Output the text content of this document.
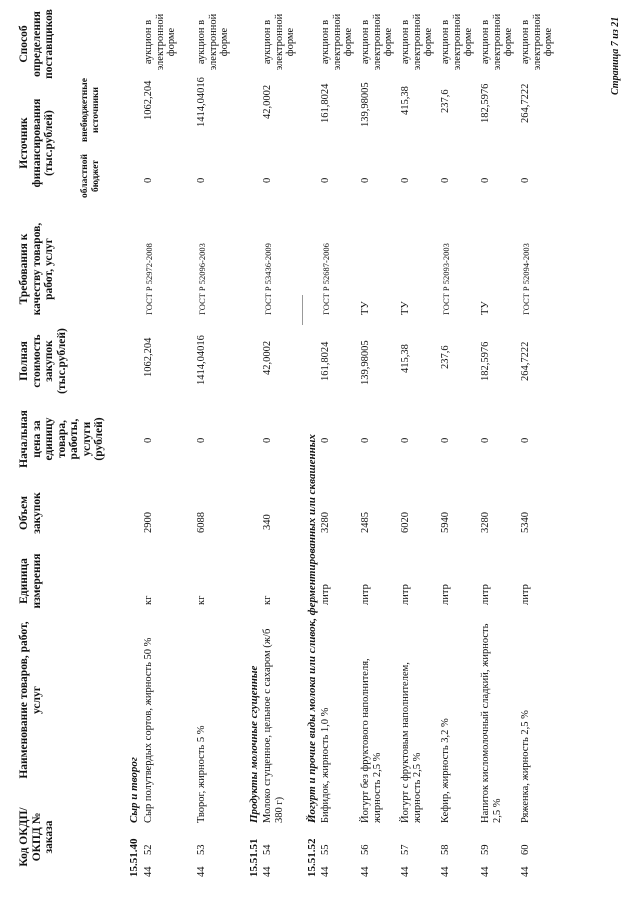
Код ОКДП/ ОКПД № заказа
Наименование товаров, работ, услуг
Единица измерения
Объем закупок
Начальная цена за единицу товара, работы, услуги (рублей)
Полная стоимость закупок (тыс.рублей)
Требования к качеству товаров, работ, услуг
Источник финансирования (тыс.рублей)
областной бюджет
внебюджетные источники
Способ определения поставщиков
15.51.40
Сыр и творог
44
52
Сыр полутвердых сортов, жирность 50 %
кг
2900
0
1062,204
ГОСТ Р 52972-2008
0
1062,204
аукцион в электронной форме
44
53
Творог, жирность 5 %
кг
6088
0
1414,04016
ГОСТ Р 52096-2003
0
1414,04016
аукцион в электронной форме
15.51.51
Продукты молочные сгущенные
44
54
Молоко сгущенное, цельное с сахаром (ж/б 380 г)
кг
340
0
42,0002
ГОСТ Р 53436-2009
0
42,0002
аукцион в электронной форме
15.51.52
Йогурт и прочие виды молока или сливок, ферментированных или сквашенных
44
55
Бифидок, жирность 1,0 %
литр
3280
0
161,8024
ГОСТ Р 52687-2006
0
161,8024
аукцион в электронной форме
44
56
Йогурт без фруктового наполнителя, жирность 2,5 %
литр
2485
0
139,98005
ТУ
0
139,98005
аукцион в электронной форме
44
57
Йогурт с фруктовым наполнителем, жирность 2,5 %
литр
6020
0
415,38
ТУ
0
415,38
аукцион в электронной форме
44
58
Кефир, жирность 3,2 %
литр
5940
0
237,6
ГОСТ Р 52093-2003
0
237,6
аукцион в электронной форме
44
59
Напиток кисломолочный сладкий, жирность 2,5 %
литр
3280
0
182,5976
ТУ
0
182,5976
аукцион в электронной форме
44
60
Ряженка, жирность 2,5 %
литр
5340
0
264,7222
ГОСТ Р 52094-2003
0
264,7222
аукцион в электронной форме	Страница 7 из 21
